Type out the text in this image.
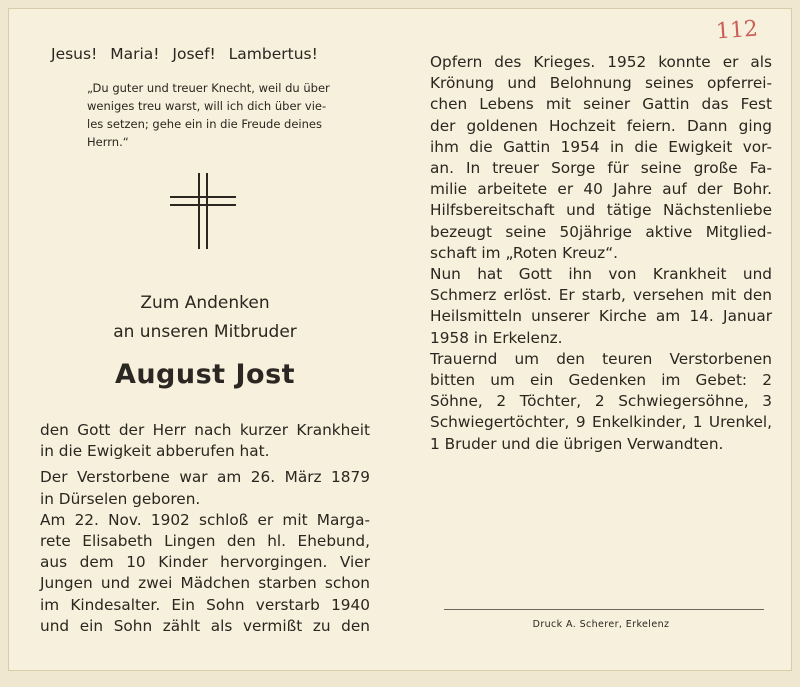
112
Jesus! Maria! Josef! Lambertus!
„Du guter und treuer Knecht, weil du über
weniges treu warst, will ich dich über vie-
les setzen; gehe ein in die Freude deines
Herrn.“
Zum Andenken
an unseren Mitbruder
August Jost
den Gott der Herr nach kurzer Krankheit
in die Ewigkeit abberufen hat.
Der Verstorbene war am 26. März 1879
in Dürselen geboren.
Am 22. Nov. 1902 schloß er mit Marga-
rete Elisabeth Lingen den hl. Ehebund,
aus dem 10 Kinder hervorgingen. Vier
Jungen und zwei Mädchen starben schon
im Kindesalter. Ein Sohn verstarb 1940
und ein Sohn zählt als vermißt zu den
Opfern des Krieges. 1952 konnte er als
Krönung und Belohnung seines opferrei-
chen Lebens mit seiner Gattin das Fest
der goldenen Hochzeit feiern. Dann ging
ihm die Gattin 1954 in die Ewigkeit vor-
an. In treuer Sorge für seine große Fa-
milie arbeitete er 40 Jahre auf der Bohr.
Hilfsbereitschaft und tätige Nächstenliebe
bezeugt seine 50jährige aktive Mitglied-
schaft im „Roten Kreuz“.
Nun hat Gott ihn von Krankheit und
Schmerz erlöst. Er starb, versehen mit den
Heilsmitteln unserer Kirche am 14. Januar
1958 in Erkelenz.
Trauernd um den teuren Verstorbenen
bitten um ein Gedenken im Gebet: 2
Söhne, 2 Töchter, 2 Schwiegersöhne, 3
Schwiegertöchter, 9 Enkelkinder, 1 Urenkel,
1 Bruder und die übrigen Verwandten.
Druck A. Scherer, Erkelenz
